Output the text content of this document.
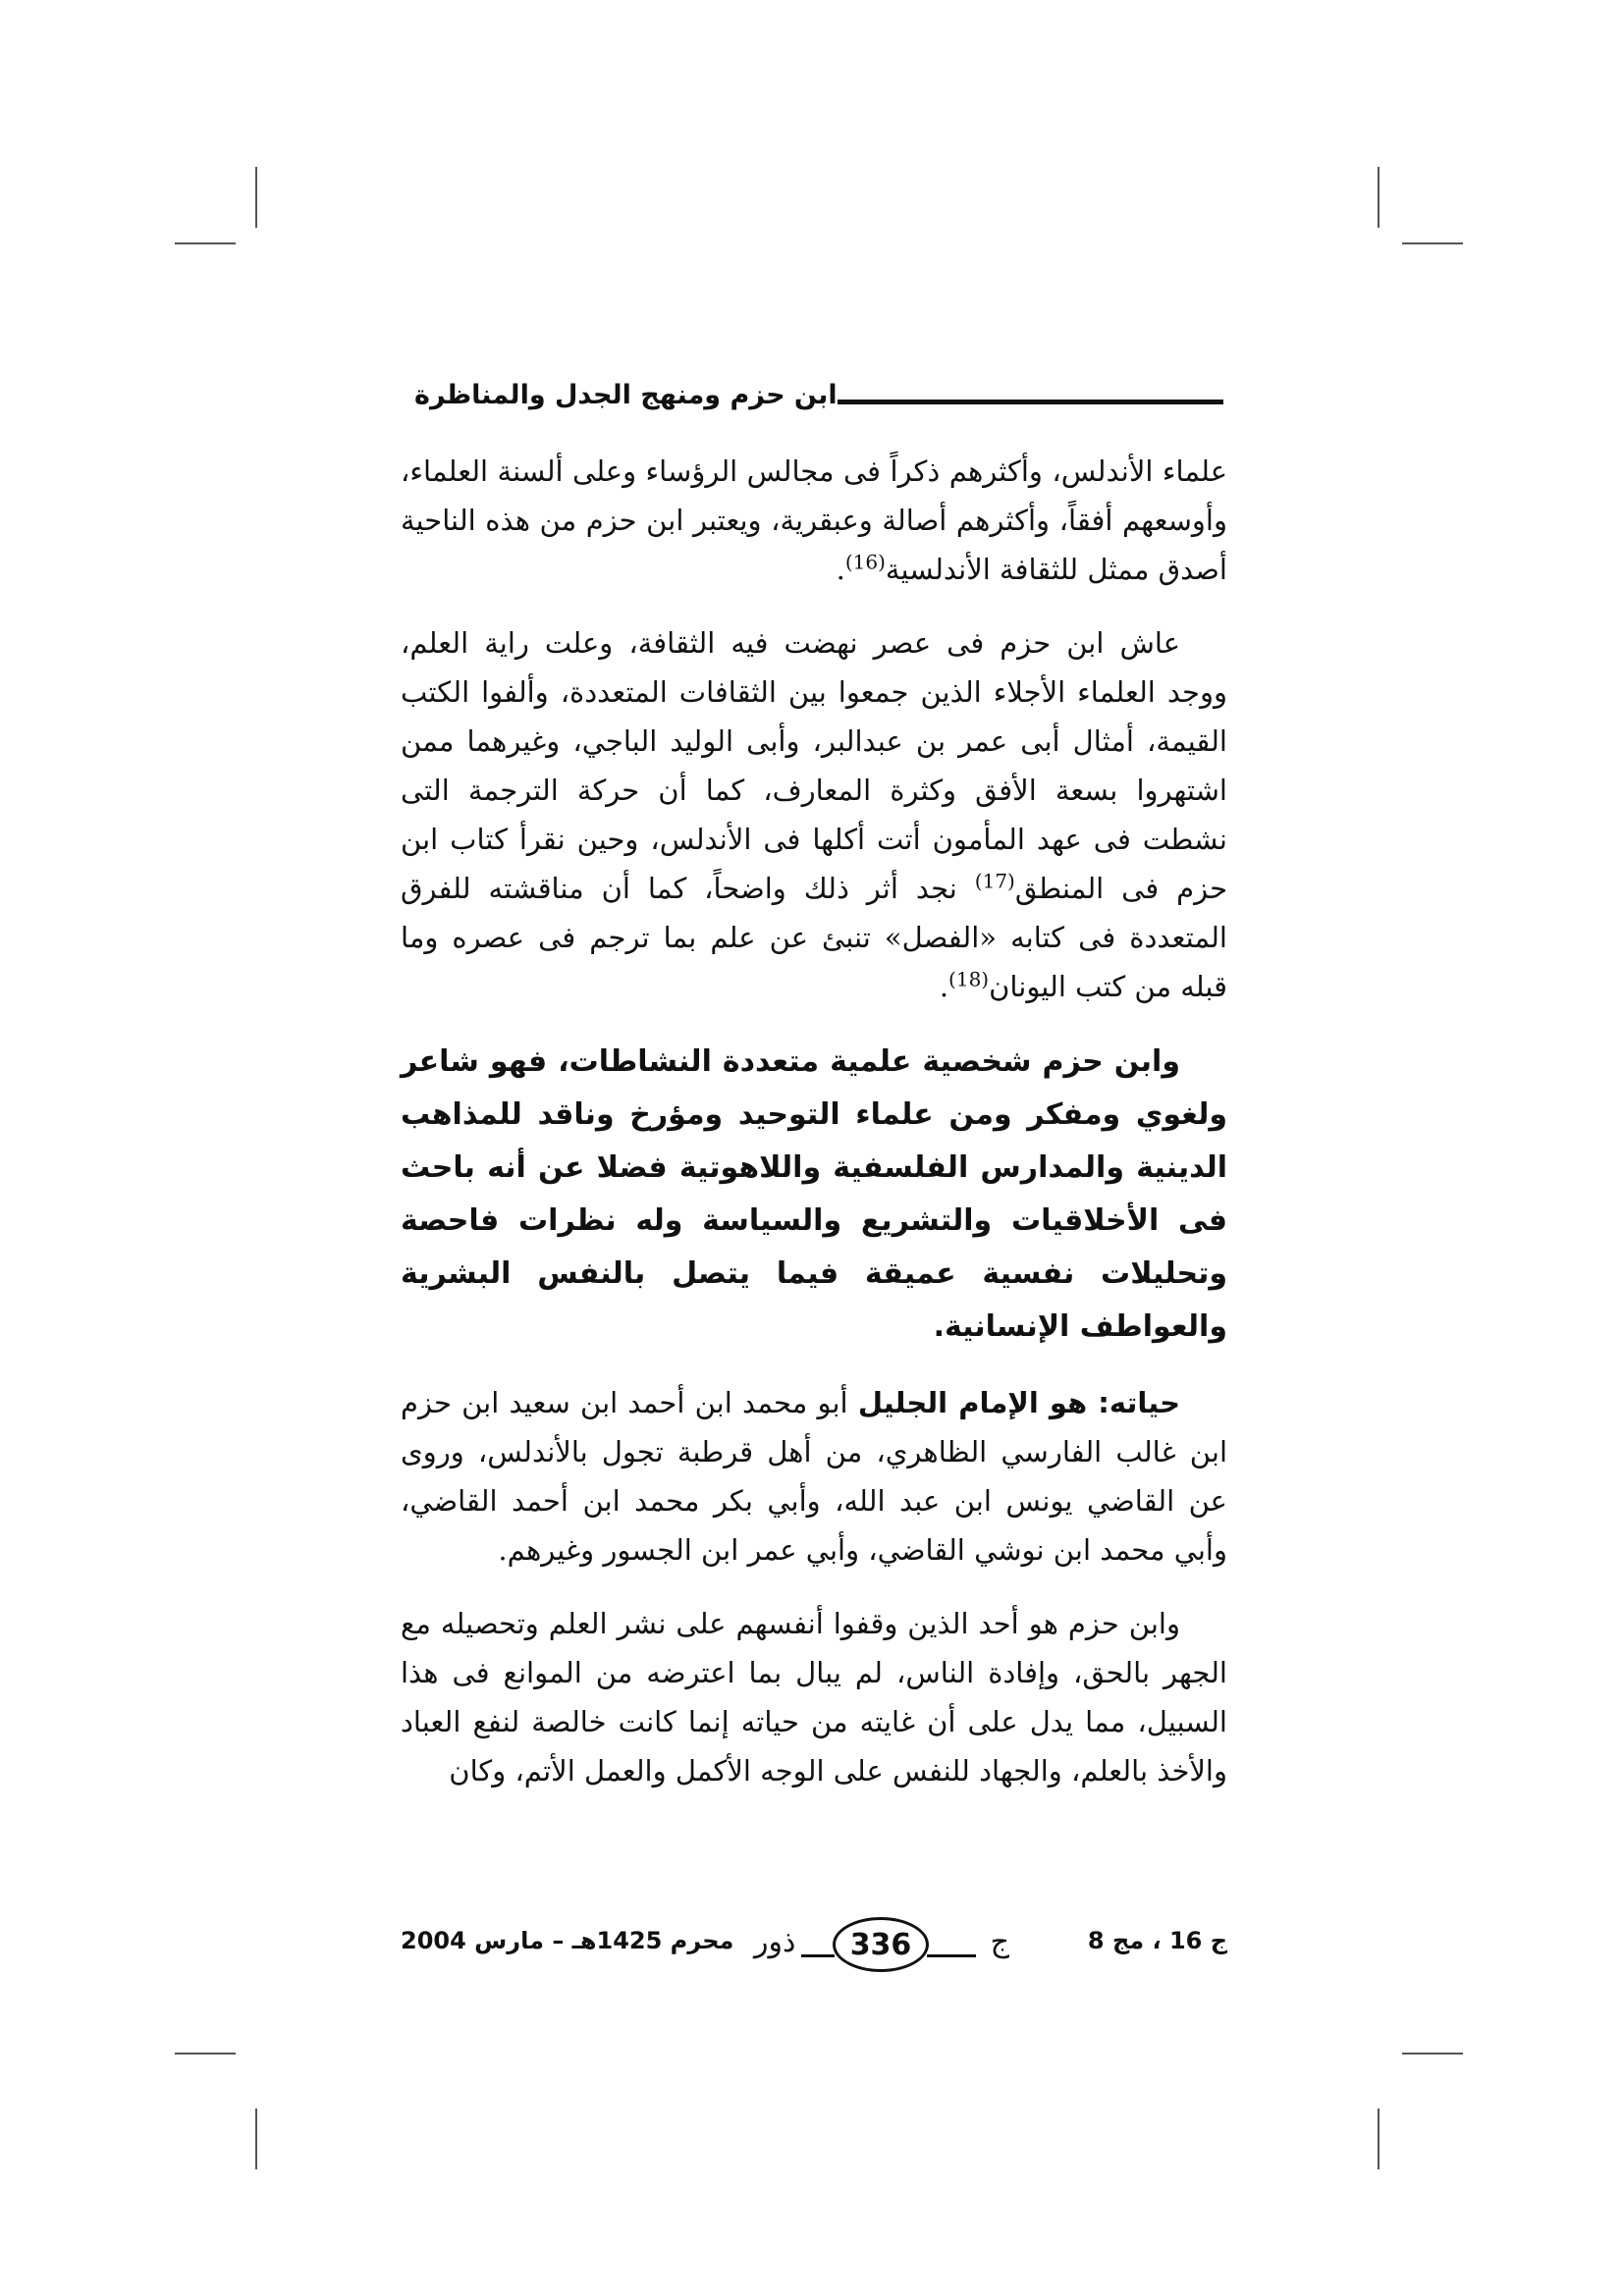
ابن حزم ومنهج الجدل والمناظرة

علماء الأندلس، وأكثرهم ذكراً فى مجالس الرؤساء وعلى ألسنة العلماء، وأوسعهم أفقاً، وأكثرهم أصالة وعبقرية، ويعتبر ابن حزم من هذه الناحية أصدق ممثل للثقافة الأندلسية$^{(16)}$.

عاش ابن حزم فى عصر نهضت فيه الثقافة، وعلت راية العلم، ووجد العلماء الأجلاء الذين جمعوا بين الثقافات المتعددة، وألفوا الكتب القيمة، أمثال أبى عمر بن عبدالبر، وأبى الوليد الباجي، وغيرهما ممن اشتهروا بسعة الأفق وكثرة المعارف، كما أن حركة الترجمة التى نشطت فى عهد المأمون أتت أكلها فى الأندلس، وحين نقرأ كتاب ابن حزم فى المنطق$^{(17)}$ نجد أثر ذلك واضحاً، كما أن مناقشته للفرق المتعددة فى كتابه «الفصل» تنبئ عن علم بما ترجم فى عصره وما قبله من كتب اليونان$^{(18)}$.

وابن حزم شخصية علمية متعددة النشاطات، فهو شاعر ولغوي ومفكر ومن علماء التوحيد ومؤرخ وناقد للمذاهب الدينية والمدارس الفلسفية واللاهوتية فضلا عن أنه باحث فى الأخلاقيات والتشريع والسياسة وله نظرات فاحصة وتحليلات نفسية عميقة فيما يتصل بالنفس البشرية والعواطف الإنسانية.

حياته: هو الإمام الجليل أبو محمد ابن أحمد ابن سعيد ابن حزم ابن غالب الفارسي الظاهري، من أهل قرطبة تجول بالأندلس، وروى عن القاضي يونس ابن عبد الله، وأبي بكر محمد ابن أحمد القاضي، وأبي محمد ابن نوشي القاضي، وأبي عمر ابن الجسور وغيرهم.

وابن حزم هو أحد الذين وقفوا أنفسهم على نشر العلم وتحصيله مع الجهر بالحق، وإفادة الناس، لم يبال بما اعترضه من الموانع فى هذا السبيل، مما يدل على أن غايته من حياته إنما كانت خالصة لنفع العباد والأخذ بالعلم، والجهاد للنفس على الوجه الأكمل والعمل الأتم، وكان

ج 16 ، مج 8
ذور	336	ج
محرم 1425هـ – مارس 2004
